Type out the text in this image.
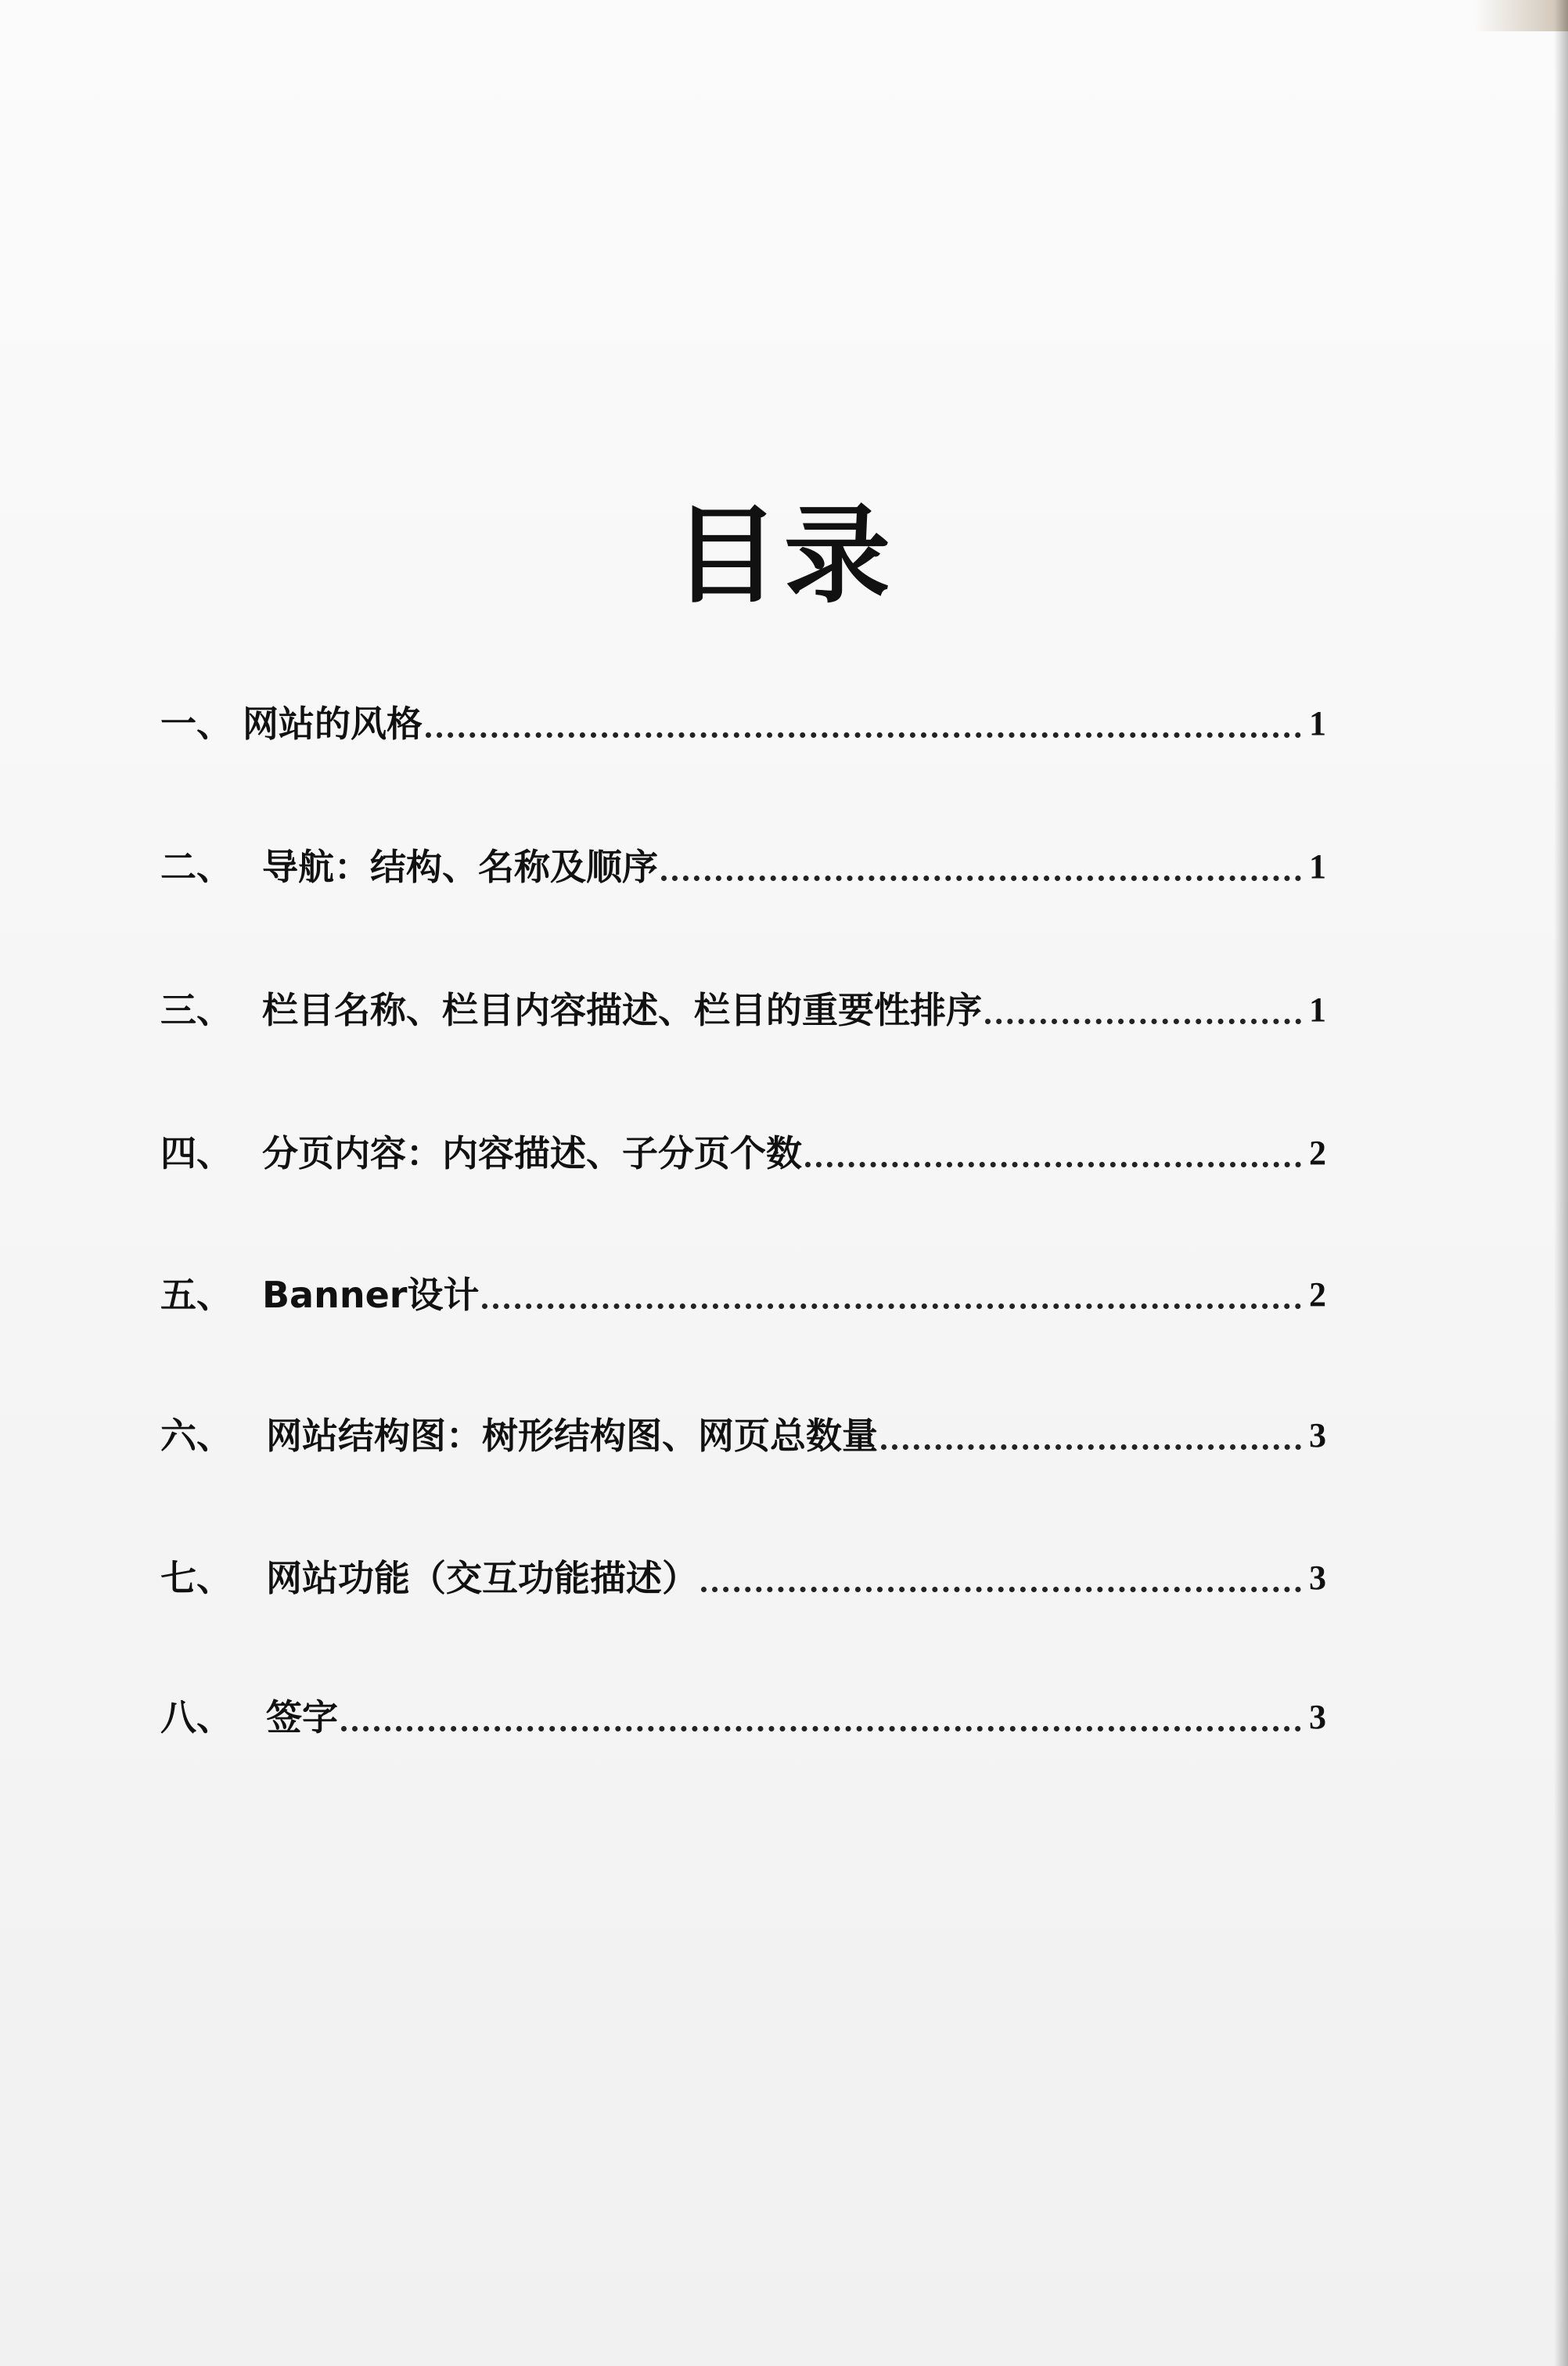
目录
一、 网站的风格	1
二、 导航：结构、名称及顺序	1
三、 栏目名称、栏目内容描述、栏目的重要性排序	1
四、 分页内容：内容描述、子分页个数	2
五、 Banner 设计	2
六、 网站结构图：树形结构图、网页总数量	3
七、 网站功能（交互功能描述）	3
八、 签字	3
